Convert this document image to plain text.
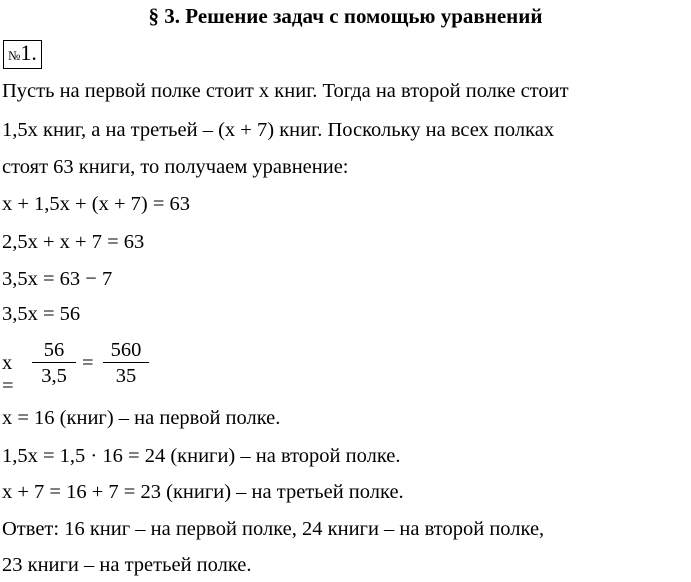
§ 3. Решение задач с помощью уравнений
№1.
Пусть на первой полке стоит x книг. Тогда на второй полке стоит
1,5x книг, а на третьей – (x + 7) книг. Поскольку на всех полках
стоят 63 книги, то получаем уравнение:
x + 1,5x + (x + 7) = 63
2,5x + x + 7 = 63
3,5x = 63 − 7
3,5x = 56
x =
56
3,5
=
560
35
x = 16 (книг) – на первой полке.
1,5x = 1,5 · 16 = 24 (книги) – на второй полке.
x + 7 = 16 + 7 = 23 (книги) – на третьей полке.
Ответ: 16 книг – на первой полке, 24 книги – на второй полке,
23 книги – на третьей полке.
